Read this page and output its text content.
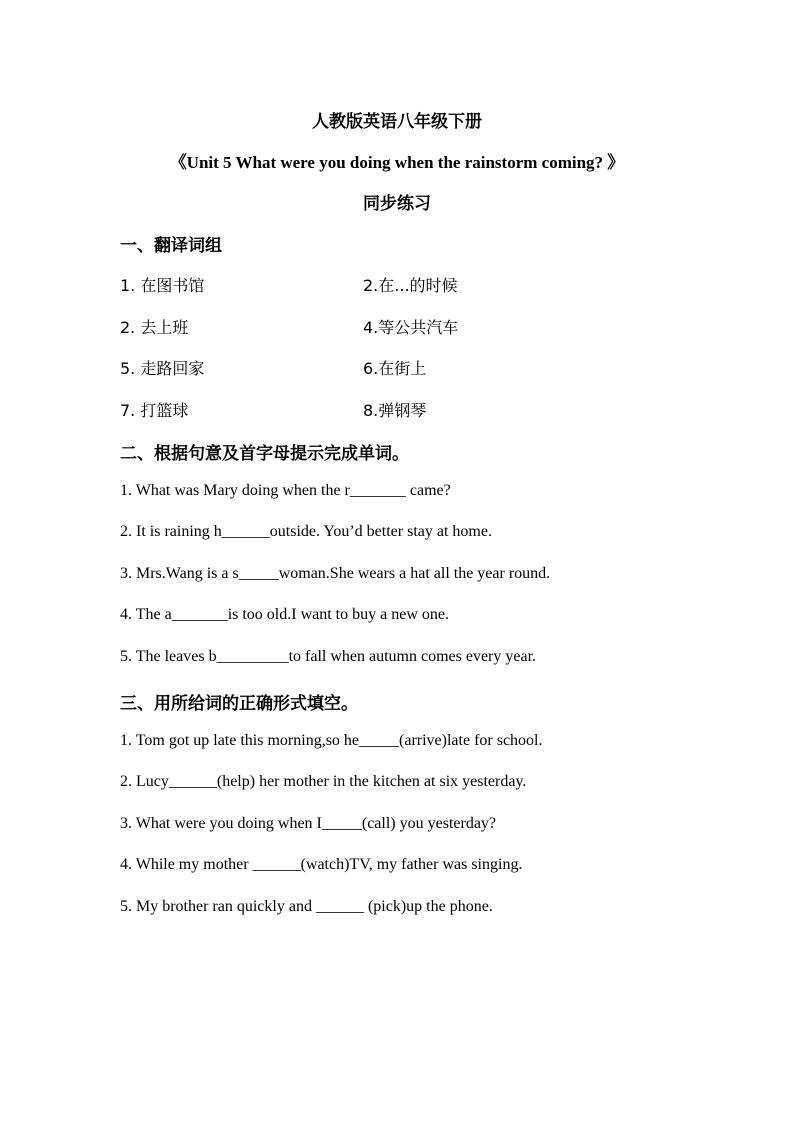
人教版英语八年级下册
《Unit 5 What were you doing when the rainstorm coming? 》
同步练习
一、翻译词组
1. 在图书馆	2.在...的时候
2. 去上班	4.等公共汽车
5. 走路回家	6.在街上
7. 打篮球	8.弹钢琴
二、根据句意及首字母提示完成单词。
1. What was Mary doing when the r_______ came?
2. It is raining h______outside. You’d better stay at home.
3. Mrs.Wang is a s_____woman.She wears a hat all the year round.
4. The a_______is too old.I want to buy a new one.
5. The leaves b_________to fall when autumn comes every year.
三、用所给词的正确形式填空。
1. Tom got up late this morning,so he_____(arrive)late for school.
2. Lucy______(help) her mother in the kitchen at six yesterday.
3. What were you doing when I_____(call) you yesterday?
4. While my mother ______(watch)TV, my father was singing.
5. My brother ran quickly and ______ (pick)up the phone.
